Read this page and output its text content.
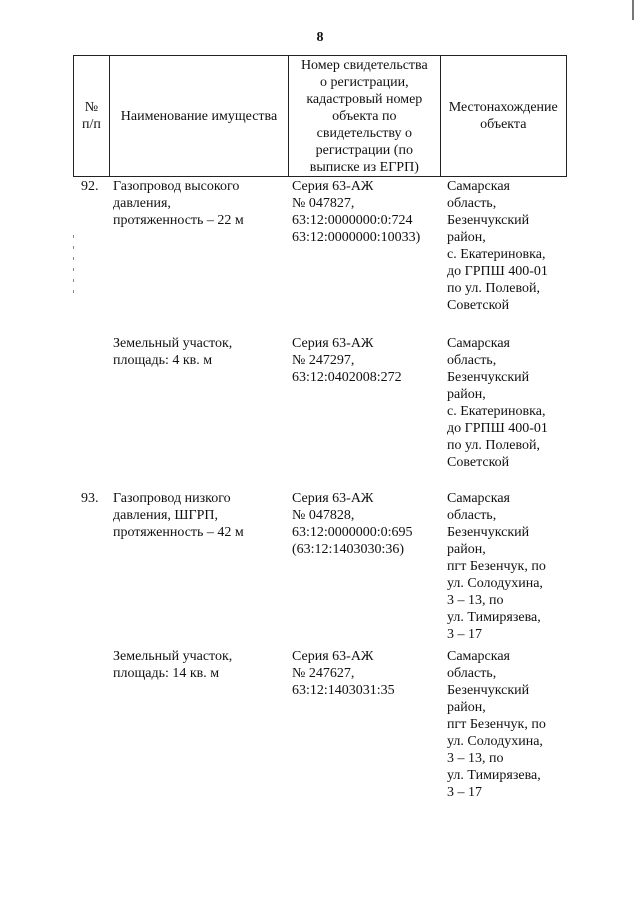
8
№
п/п
Наименование имущества
Номер свидетельства
о регистрации,
кадастровый номер
объекта по
свидетельству о
регистрации (по
выписке из ЕГРП)
Местонахождение
объекта
92. Газопровод высокого
давления,
протяженность – 22 м
Серия 63-АЖ
№ 047827,
63:12:0000000:0:724
63:12:0000000:10033)
Самарская
область,
Безенчукский
район,
с. Екатериновка,
до ГРПШ 400-01
по ул. Полевой,
Советской
Земельный участок,
площадь: 4 кв. м
Серия 63-АЖ
№ 247297,
63:12:0402008:272
Самарская
область,
Безенчукский
район,
с. Екатериновка,
до ГРПШ 400-01
по ул. Полевой,
Советской
93. Газопровод низкого
давления, ШГРП,
протяженность – 42 м
Серия 63-АЖ
№ 047828,
63:12:0000000:0:695
(63:12:1403030:36)
Самарская
область,
Безенчукский
район,
пгт Безенчук, по
ул. Солодухина,
3 – 13, по
ул. Тимирязева,
3 – 17
Земельный участок,
площадь: 14 кв. м
Серия 63-АЖ
№ 247627,
63:12:1403031:35
Самарская
область,
Безенчукский
район,
пгт Безенчук, по
ул. Солодухина,
3 – 13, по
ул. Тимирязева,
3 – 17
